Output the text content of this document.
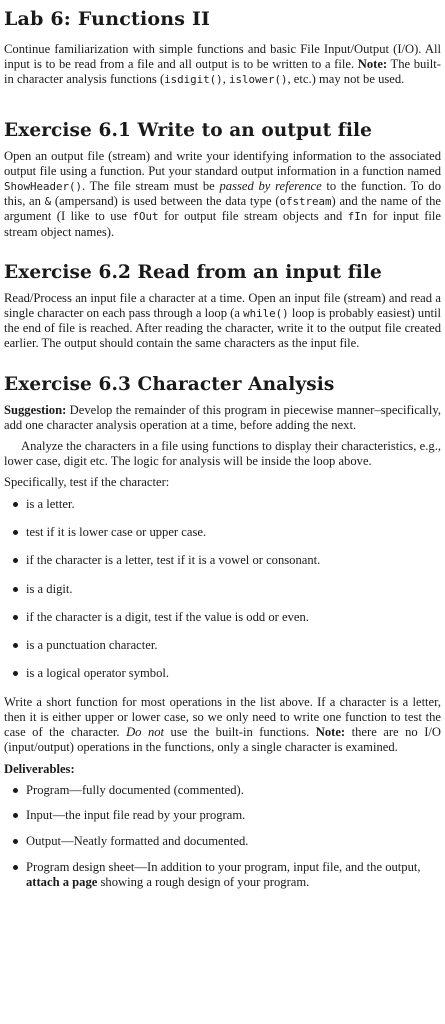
Lab 6: Functions II

Continue familiarization with simple functions and basic File Input/Output (I/O). All input is to be read from a file and all output is to be written to a file. Note: The built-in character analysis functions (isdigit(), islower(), etc.) may not be used.

Exercise 6.1 Write to an output file

Open an output file (stream) and write your identifying information to the associated output file using a function. Put your standard output information in a function named ShowHeader(). The file stream must be passed by reference to the function. To do this, an & (ampersand) is used between the data type (ofstream) and the name of the argument (I like to use fOut for output file stream objects and fIn for input file stream object names).

Exercise 6.2 Read from an input file

Read/Process an input file a character at a time. Open an input file (stream) and read a single character on each pass through a loop (a while() loop is probably easiest) until the end of file is reached. After reading the character, write it to the output file created earlier. The output should contain the same characters as the input file.

Exercise 6.3 Character Analysis

Suggestion: Develop the remainder of this program in piecewise manner–specifically, add one character analysis operation at a time, before adding the next.

Analyze the characters in a file using functions to display their characteristics, e.g., lower case, digit etc. The logic for analysis will be inside the loop above.

Specifically, test if the character:

is a letter.
test if it is lower case or upper case.
if the character is a letter, test if it is a vowel or consonant.
is a digit.
if the character is a digit, test if the value is odd or even.
is a punctuation character.
is a logical operator symbol.

Write a short function for most operations in the list above. If a character is a letter, then it is either upper or lower case, so we only need to write one function to test the case of the character. Do not use the built-in functions. Note: there are no I/O (input/output) operations in the functions, only a single character is examined.

Deliverables:

Program—fully documented (commented).
Input—the input file read by your program.
Output—Neatly formatted and documented.
Program design sheet—In addition to your program, input file, and the output, attach a page showing a rough design of your program.
